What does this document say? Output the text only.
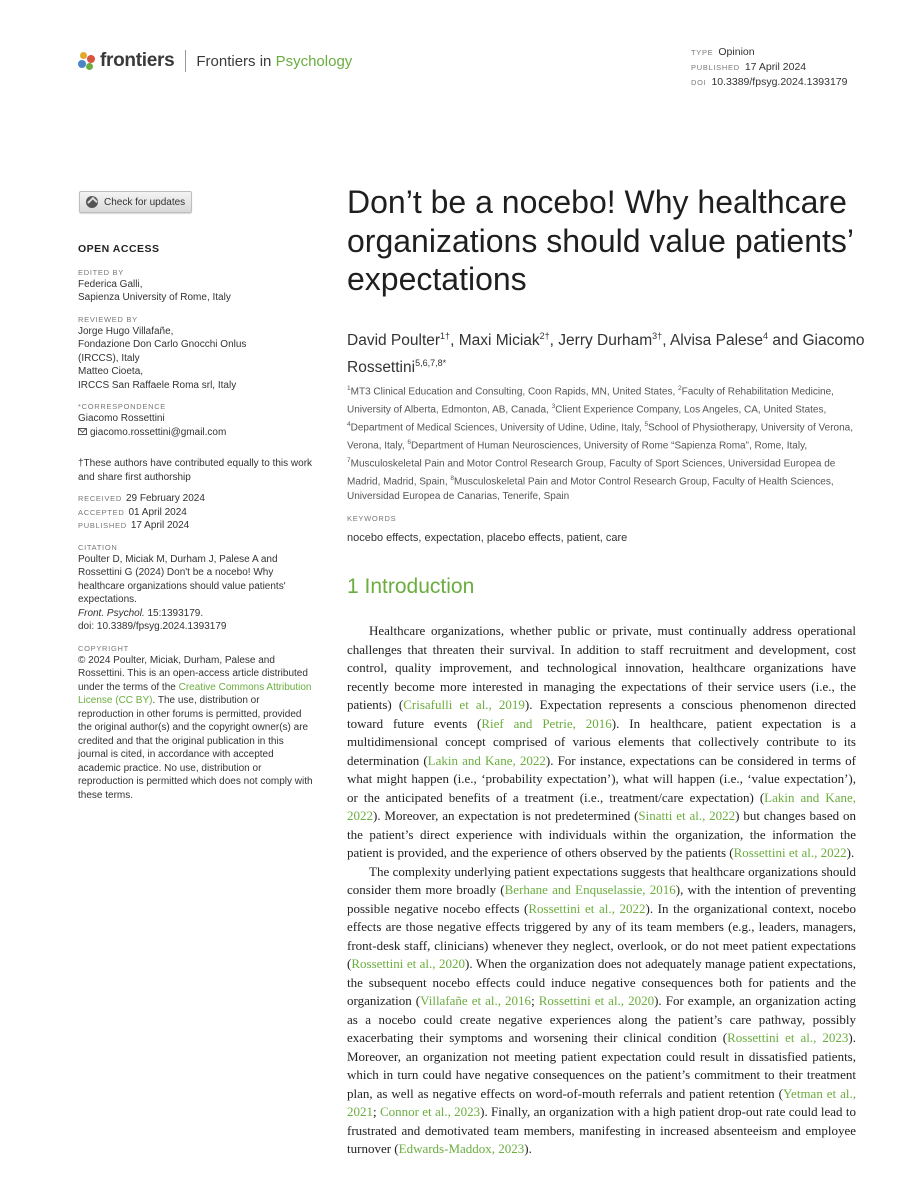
frontiers Frontiers in Psychology	TYPE Opinion
PUBLISHED 17 April 2024
DOI 10.3389/fpsyg.2024.1393179
Check for updates
OPEN ACCESS
EDITED BY
Federica Galli,
Sapienza University of Rome, Italy
REVIEWED BY
Jorge Hugo Villafañe,
Fondazione Don Carlo Gnocchi Onlus
(IRCCS), Italy
Matteo Cioeta,
IRCCS San Raffaele Roma srl, Italy
*CORRESPONDENCE
Giacomo Rossettini
giacomo.rossettini@gmail.com
†These authors have contributed equally to this work and share first authorship
RECEIVED 29 February 2024
ACCEPTED 01 April 2024
PUBLISHED 17 April 2024
CITATION
Poulter D, Miciak M, Durham J, Palese A and Rossettini G (2024) Don't be a nocebo! Why healthcare organizations should value patients' expectations.
Front. Psychol. 15:1393179.
doi: 10.3389/fpsyg.2024.1393179
COPYRIGHT
© 2024 Poulter, Miciak, Durham, Palese and Rossettini. This is an open-access article distributed under the terms of the Creative Commons Attribution License (CC BY). The use, distribution or reproduction in other forums is permitted, provided the original author(s) and the copyright owner(s) are credited and that the original publication in this journal is cited, in accordance with accepted academic practice. No use, distribution or reproduction is permitted which does not comply with these terms.
Don’t be a nocebo! Why healthcare organizations should value patients’ expectations
David Poulter$^{1\dagger}$, Maxi Miciak$^{2\dagger}$, Jerry Durham$^{3\dagger}$, Alvisa Palese$^4$ and Giacomo Rossettini$^{5,6,7,8*}$
$^1$MT3 Clinical Education and Consulting, Coon Rapids, MN, United States, $^2$Faculty of Rehabilitation Medicine, University of Alberta, Edmonton, AB, Canada, $^3$Client Experience Company, Los Angeles, CA, United States, $^4$Department of Medical Sciences, University of Udine, Udine, Italy, $^5$School of Physiotherapy, University of Verona, Verona, Italy, $^6$Department of Human Neurosciences, University of Rome “Sapienza Roma”, Rome, Italy, $^7$Musculoskeletal Pain and Motor Control Research Group, Faculty of Sport Sciences, Universidad Europea de Madrid, Madrid, Spain, $^8$Musculoskeletal Pain and Motor Control Research Group, Faculty of Health Sciences, Universidad Europea de Canarias, Tenerife, Spain
KEYWORDS
nocebo effects, expectation, placebo effects, patient, care
1 Introduction

Healthcare organizations, whether public or private, must continually address operational challenges that threaten their survival. In addition to staff recruitment and development, cost control, quality improvement, and technological innovation, healthcare organizations have recently become more interested in managing the expectations of their service users (i.e., the patients) (Crisafulli et al., 2019). Expectation represents a conscious phenomenon directed toward future events (Rief and Petrie, 2016). In healthcare, patient expectation is a multidimensional concept comprised of various elements that collectively contribute to its determination (Lakin and Kane, 2022). For instance, expectations can be considered in terms of what might happen (i.e., ‘probability expectation’), what will happen (i.e., ‘value expectation’), or the anticipated benefits of a treatment (i.e., treatment/care expectation) (Lakin and Kane, 2022). Moreover, an expectation is not predetermined (Sinatti et al., 2022) but changes based on the patient’s direct experience with individuals within the organization, the information the patient is provided, and the experience of others observed by the patients (Rossettini et al., 2022).

The complexity underlying patient expectations suggests that healthcare organizations should consider them more broadly (Berhane and Enquselassie, 2016), with the intention of preventing possible negative nocebo effects (Rossettini et al., 2022). In the organizational context, nocebo effects are those negative effects triggered by any of its team members (e.g., leaders, managers, front-desk staff, clinicians) whenever they neglect, overlook, or do not meet patient expectations (Rossettini et al., 2020). When the organization does not adequately manage patient expectations, the subsequent nocebo effects could induce negative consequences both for patients and the organization (Villafañe et al., 2016; Rossettini et al., 2020). For example, an organization acting as a nocebo could create negative experiences along the patient’s care pathway, possibly exacerbating their symptoms and worsening their clinical condition (Rossettini et al., 2023). Moreover, an organization not meeting patient expectation could result in dissatisfied patients, which in turn could have negative consequences on the patient’s commitment to their treatment plan, as well as negative effects on word-of-mouth referrals and patient retention (Yetman et al., 2021; Connor et al., 2023). Finally, an organization with a high patient drop-out rate could lead to frustrated and demotivated team members, manifesting in increased absenteeism and employee turnover (Edwards-Maddox, 2023).
